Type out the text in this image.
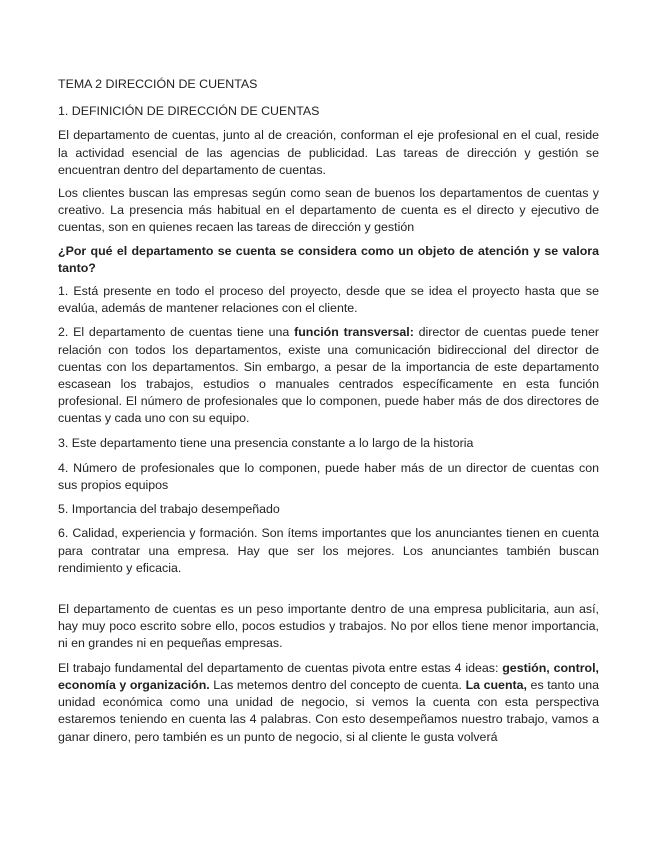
TEMA 2 DIRECCIÓN DE CUENTAS

1. DEFINICIÓN DE DIRECCIÓN DE CUENTAS

El departamento de cuentas, junto al de creación, conforman el eje profesional en el cual, reside la actividad esencial de las agencias de publicidad. Las tareas de dirección y gestión se encuentran dentro del departamento de cuentas.

Los clientes buscan las empresas según como sean de buenos los departamentos de cuentas y creativo. La presencia más habitual en el departamento de cuenta es el directo y ejecutivo de cuentas, son en quienes recaen las tareas de dirección y gestión

¿Por qué el departamento se cuenta se considera como un objeto de atención y se valora tanto?

1. Está presente en todo el proceso del proyecto, desde que se idea el proyecto hasta que se evalúa, además de mantener relaciones con el cliente.

2. El departamento de cuentas tiene una función transversal: director de cuentas puede tener relación con todos los departamentos, existe una comunicación bidireccional del director de cuentas con los departamentos. Sin embargo, a pesar de la importancia de este departamento escasean los trabajos, estudios o manuales centrados específicamente en esta función profesional. El número de profesionales que lo componen, puede haber más de dos directores de cuentas y cada uno con su equipo.

3. Este departamento tiene una presencia constante a lo largo de la historia

4. Número de profesionales que lo componen, puede haber más de un director de cuentas con sus propios equipos

5. Importancia del trabajo desempeñado

6. Calidad, experiencia y formación. Son ítems importantes que los anunciantes tienen en cuenta para contratar una empresa. Hay que ser los mejores. Los anunciantes también buscan rendimiento y eficacia.

El departamento de cuentas es un peso importante dentro de una empresa publicitaria, aun así, hay muy poco escrito sobre ello, pocos estudios y trabajos. No por ellos tiene menor importancia, ni en grandes ni en pequeñas empresas.

El trabajo fundamental del departamento de cuentas pivota entre estas 4 ideas: gestión, control, economía y organización. Las metemos dentro del concepto de cuenta. La cuenta, es tanto una unidad económica como una unidad de negocio, si vemos la cuenta con esta perspectiva estaremos teniendo en cuenta las 4 palabras. Con esto desempeñamos nuestro trabajo, vamos a ganar dinero, pero también es un punto de negocio, si al cliente le gusta volverá
